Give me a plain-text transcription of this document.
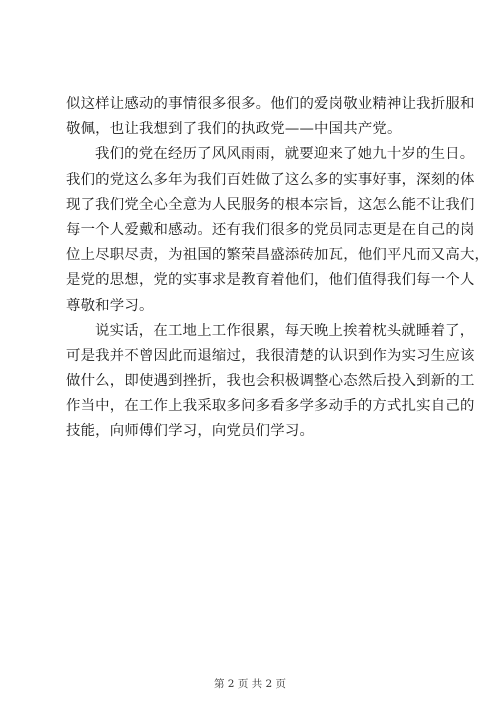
似这样让感动的事情很多很多。他们的爱岗敬业精神让我折服和
敬佩，也让我想到了我们的执政党——中国共产党。
我们的党在经历了风风雨雨，就要迎来了她九十岁的生日。
我们的党这么多年为我们百姓做了这么多的实事好事，深刻的体
现了我们党全心全意为人民服务的根本宗旨，这怎么能不让我们
每一个人爱戴和感动。还有我们很多的党员同志更是在自己的岗
位上尽职尽责，为祖国的繁荣昌盛添砖加瓦，他们平凡而又高大，
是党的思想，党的实事求是教育着他们，他们值得我们每一个人
尊敬和学习。
说实话，在工地上工作很累，每天晚上挨着枕头就睡着了，
可是我并不曾因此而退缩过，我很清楚的认识到作为实习生应该
做什么，即使遇到挫折，我也会积极调整心态然后投入到新的工
作当中，在工作上我采取多问多看多学多动手的方式扎实自己的
技能，向师傅们学习，向党员们学习。
第 2 页 共 2 页
